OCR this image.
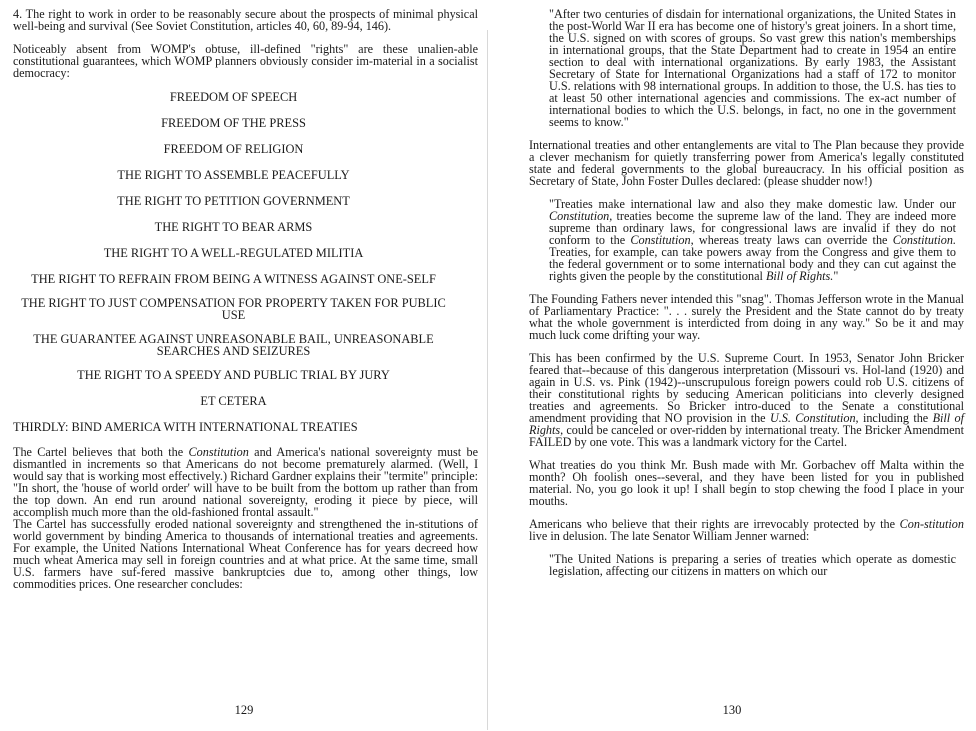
4. The right to work in order to be reasonably secure about the prospects of minimal physical well-being and survival (See Soviet Constitution, articles 40, 60, 89-94, 146).

Noticeably absent from WOMP's obtuse, ill-defined "rights" are these unalien-able constitutional guarantees, which WOMP planners obviously consider im-material in a socialist democracy:

FREEDOM OF SPEECH
FREEDOM OF THE PRESS
FREEDOM OF RELIGION
THE RIGHT TO ASSEMBLE PEACEFULLY
THE RIGHT TO PETITION GOVERNMENT
THE RIGHT TO BEAR ARMS
THE RIGHT TO A WELL-REGULATED MILITIA
THE RIGHT TO REFRAIN FROM BEING A WITNESS AGAINST ONE-SELF
THE RIGHT TO JUST COMPENSATION FOR PROPERTY TAKEN FOR PUBLIC USE
THE GUARANTEE AGAINST UNREASONABLE BAIL, UNREASONABLE SEARCHES AND SEIZURES
THE RIGHT TO A SPEEDY AND PUBLIC TRIAL BY JURY
ET CETERA

THIRDLY: BIND AMERICA WITH INTERNATIONAL TREATIES

The Cartel believes that both the Constitution and America's national sovereignty must be dismantled in increments so that Americans do not become prematurely alarmed. (Well, I would say that is working most effectively.) Richard Gardner explains their "termite" principle: "In short, the 'house of world order' will have to be built from the bottom up rather than from the top down. An end run around national sovereignty, eroding it piece by piece, will accomplish much more than the old-fashioned frontal assault."

The Cartel has successfully eroded national sovereignty and strengthened the in-stitutions of world government by binding America to thousands of international treaties and agreements. For example, the United Nations International Wheat Conference has for years decreed how much wheat America may sell in foreign countries and at what price. At the same time, small U.S. farmers have suf-fered massive bankruptcies due to, among other things, low commodities prices. One researcher concludes:

129

"After two centuries of disdain for international organizations, the United States in the post-World War II era has become one of history's great joiners. In a short time, the U.S. signed on with scores of groups. So vast grew this nation's memberships in international groups, that the State Department had to create in 1954 an entire section to deal with international organizations. By early 1983, the Assistant Secretary of State for International Organizations had a staff of 172 to monitor U.S. relations with 98 international groups. In addition to those, the U.S. has ties to at least 50 other international agencies and commissions. The ex-act number of international bodies to which the U.S. belongs, in fact, no one in the government seems to know."

International treaties and other entanglements are vital to The Plan because they provide a clever mechanism for quietly transferring power from America's legally constituted state and federal governments to the global bureaucracy. In his official position as Secretary of State, John Foster Dulles declared: (please shudder now!)

"Treaties make international law and also they make domestic law. Under our Constitution, treaties become the supreme law of the land. They are indeed more supreme than ordinary laws, for congressional laws are invalid if they do not conform to the Constitution, whereas treaty laws can override the Constitution. Treaties, for example, can take powers away from the Congress and give them to the federal government or to some international body and they can cut against the rights given the people by the constitutional Bill of Rights."

The Founding Fathers never intended this "snag". Thomas Jefferson wrote in the Manual of Parliamentary Practice: ". . . surely the President and the State cannot do by treaty what the whole government is interdicted from doing in any way." So be it and may much luck come drifting your way.

This has been confirmed by the U.S. Supreme Court. In 1953, Senator John Bricker feared that--because of this dangerous interpretation (Missouri vs. Hol-land (1920) and again in U.S. vs. Pink (1942)--unscrupulous foreign powers could rob U.S. citizens of their constitutional rights by seducing American politicians into cleverly designed treaties and agreements. So Bricker intro-duced to the Senate a constitutional amendment providing that NO provision in the U.S. Constitution, including the Bill of Rights, could be canceled or over-ridden by international treaty. The Bricker Amendment FAILED by one vote. This was a landmark victory for the Cartel.

What treaties do you think Mr. Bush made with Mr. Gorbachev off Malta within the month? Oh foolish ones--several, and they have been listed for you in published material. No, you go look it up! I shall begin to stop chewing the food I place in your mouths.

Americans who believe that their rights are irrevocably protected by the Con-stitution live in delusion. The late Senator William Jenner warned:

"The United Nations is preparing a series of treaties which operate as domestic legislation, affecting our citizens in matters on which our

130
